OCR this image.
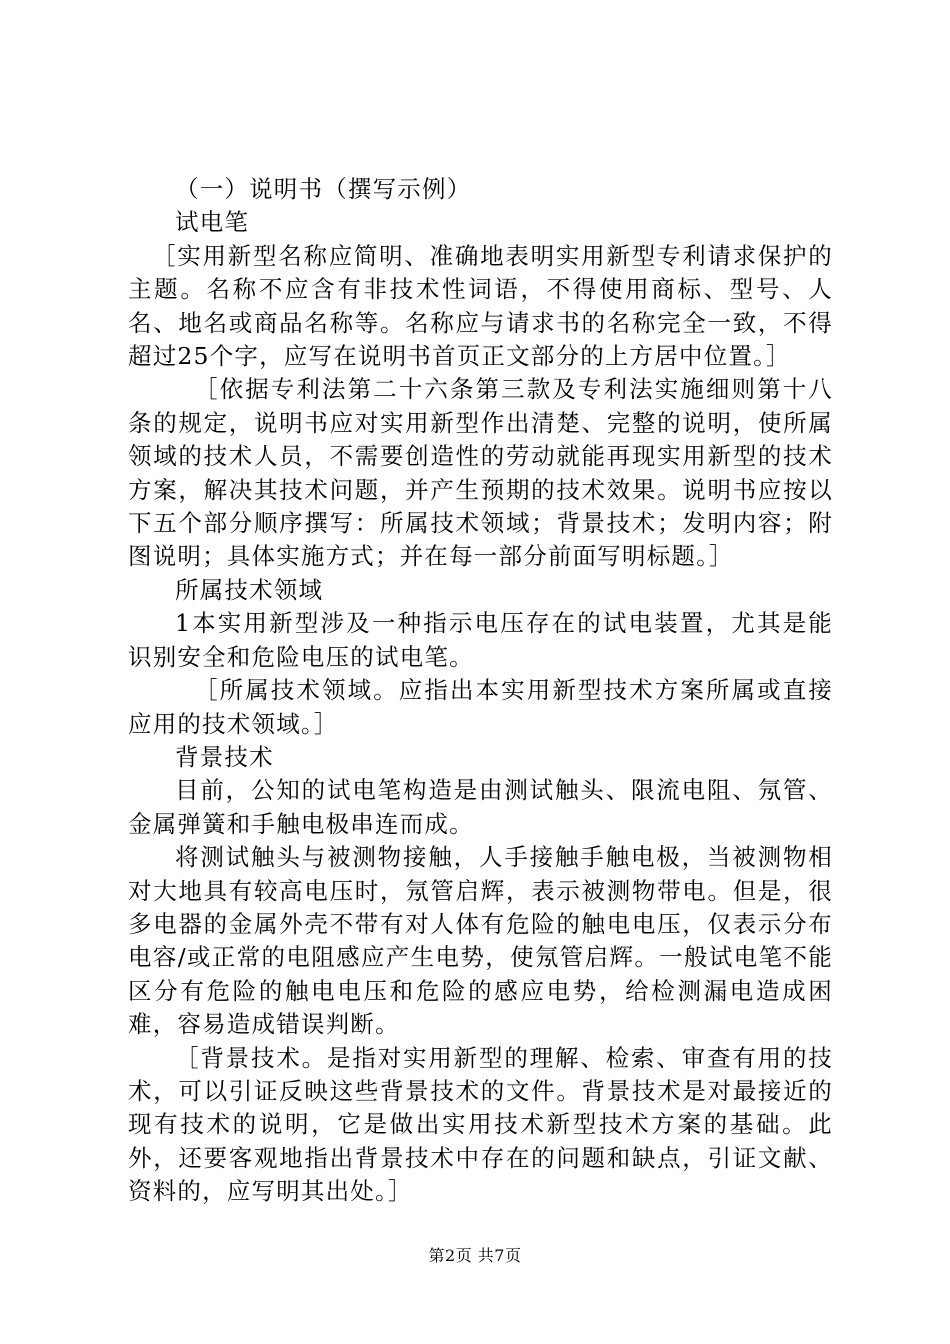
（一）说明书（撰写示例）

试电笔

［实用新型名称应简明、准确地表明实用新型专利请求保护的主题。名称不应含有非技术性词语，不得使用商标、型号、人名、地名或商品名称等。名称应与请求书的名称完全一致，不得超过25个字，应写在说明书首页正文部分的上方居中位置。］

［依据专利法第二十六条第三款及专利法实施细则第十八条的规定，说明书应对实用新型作出清楚、完整的说明，使所属领域的技术人员，不需要创造性的劳动就能再现实用新型的技术方案，解决其技术问题，并产生预期的技术效果。说明书应按以下五个部分顺序撰写：所属技术领域；背景技术；发明内容；附图说明；具体实施方式；并在每一部分前面写明标题。］

所属技术领域

1本实用新型涉及一种指示电压存在的试电装置，尤其是能识别安全和危险电压的试电笔。

［所属技术领域。应指出本实用新型技术方案所属或直接应用的技术领域。］

背景技术

目前，公知的试电笔构造是由测试触头、限流电阻、氖管、金属弹簧和手触电极串连而成。

将测试触头与被测物接触，人手接触手触电极，当被测物相对大地具有较高电压时，氖管启辉，表示被测物带电。但是，很多电器的金属外壳不带有对人体有危险的触电电压，仅表示分布电容/或正常的电阻感应产生电势，使氖管启辉。一般试电笔不能区分有危险的触电电压和危险的感应电势，给检测漏电造成困难，容易造成错误判断。

［背景技术。是指对实用新型的理解、检索、审查有用的技术，可以引证反映这些背景技术的文件。背景技术是对最接近的现有技术的说明，它是做出实用技术新型技术方案的基础。此外，还要客观地指出背景技术中存在的问题和缺点，引证文献、资料的，应写明其出处。］

第2页 共7页
